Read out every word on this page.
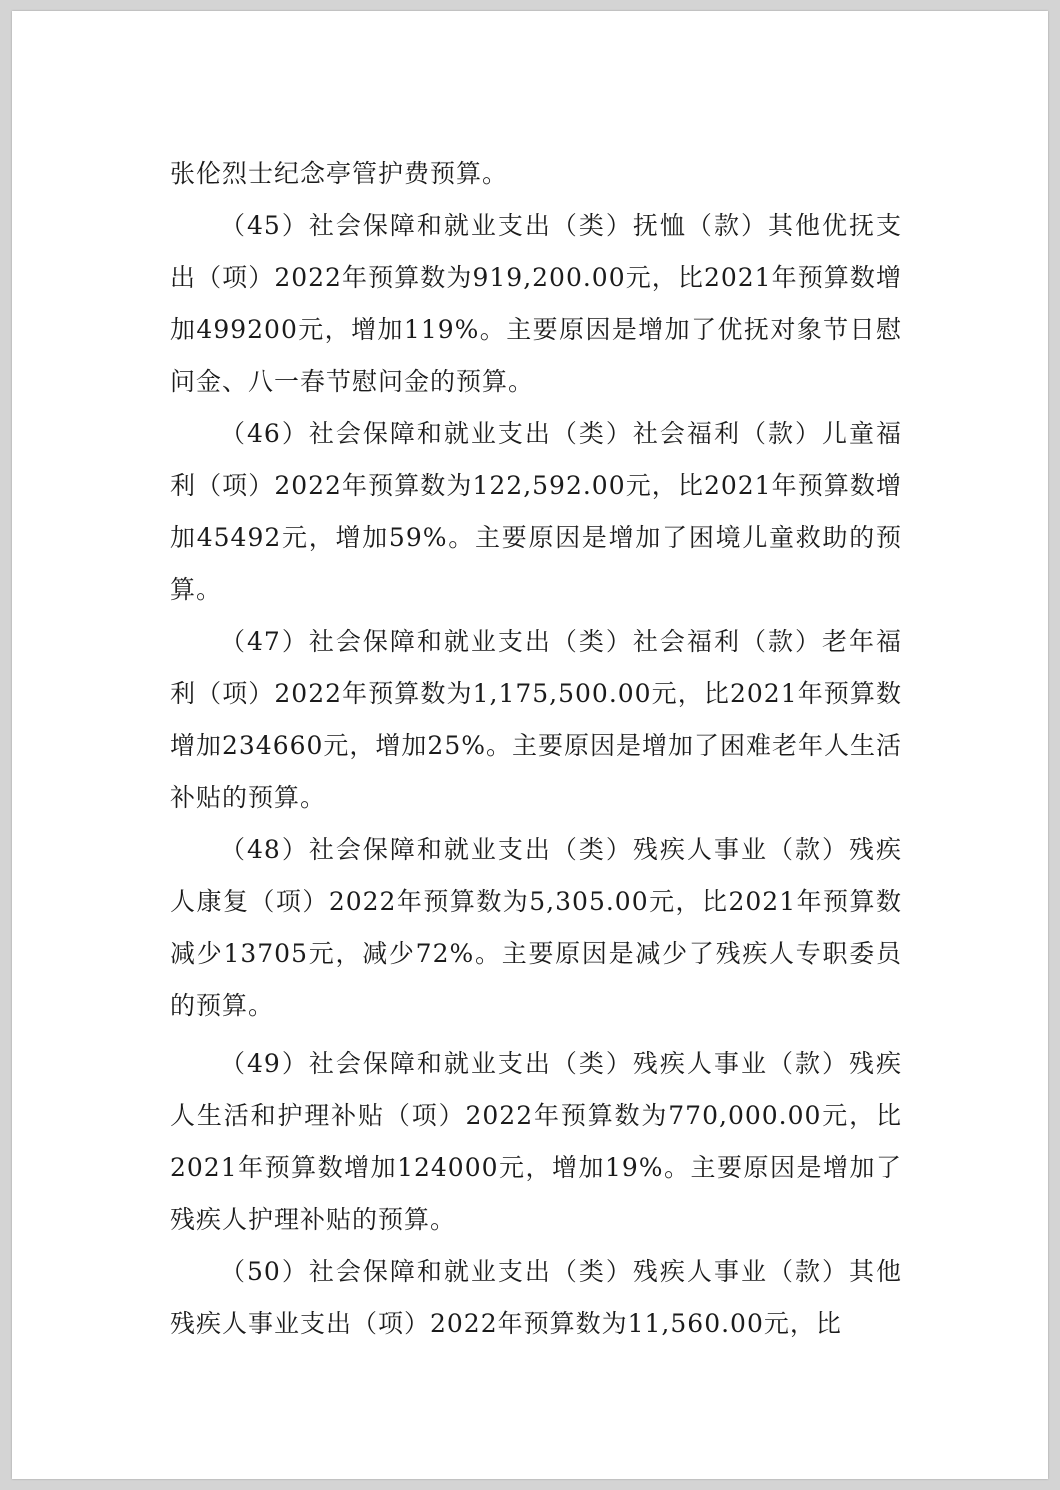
张伦烈士纪念亭管护费预算。

（45）社会保障和就业支出（类）抚恤（款）其他优抚支出（项）2022年预算数为919,200.00元，比2021年预算数增加499200元，增加119%。主要原因是增加了优抚对象节日慰问金、八一春节慰问金的预算。

（46）社会保障和就业支出（类）社会福利（款）儿童福利（项）2022年预算数为122,592.00元，比2021年预算数增加45492元，增加59%。主要原因是增加了困境儿童救助的预算。

（47）社会保障和就业支出（类）社会福利（款）老年福利（项）2022年预算数为1,175,500.00元，比2021年预算数增加234660元，增加25%。主要原因是增加了困难老年人生活补贴的预算。

（48）社会保障和就业支出（类）残疾人事业（款）残疾人康复（项）2022年预算数为5,305.00元，比2021年预算数减少13705元，减少72%。主要原因是减少了残疾人专职委员的预算。

（49）社会保障和就业支出（类）残疾人事业（款）残疾人生活和护理补贴（项）2022年预算数为770,000.00元，比2021年预算数增加124000元，增加19%。主要原因是增加了残疾人护理补贴的预算。

（50）社会保障和就业支出（类）残疾人事业（款）其他残疾人事业支出（项）2022年预算数为11,560.00元，比
